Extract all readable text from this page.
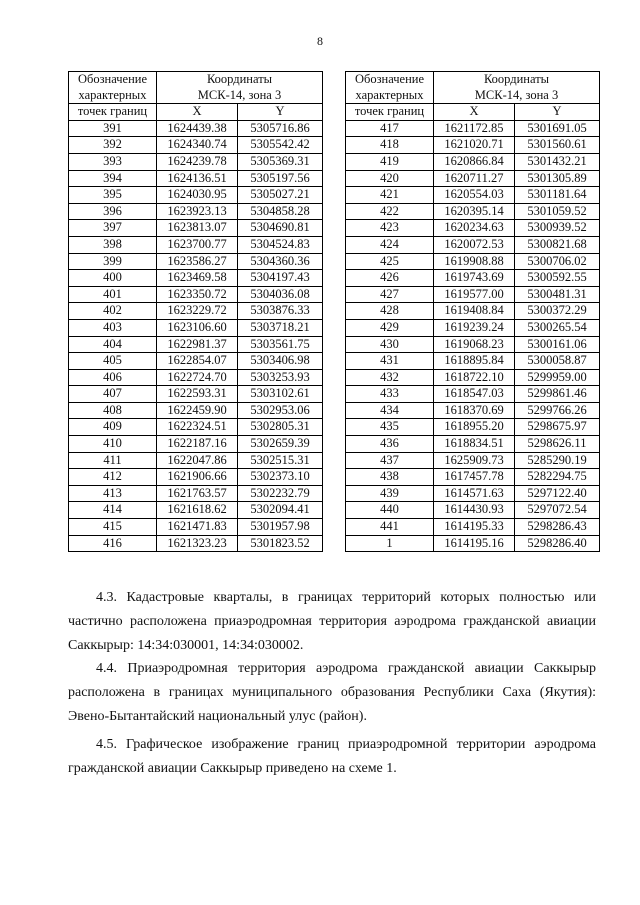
8
Обозначение
характерных	Координаты
МСК-14, зона 3	

точек границ	X	Y
391	1624439.38	5305716.86
392	1624340.74	5305542.42
393	1624239.78	5305369.31
394	1624136.51	5305197.56
395	1624030.95	5305027.21
396	1623923.13	5304858.28
397	1623813.07	5304690.81
398	1623700.77	5304524.83
399	1623586.27	5304360.36
400	1623469.58	5304197.43
401	1623350.72	5304036.08
402	1623229.72	5303876.33
403	1623106.60	5303718.21
404	1622981.37	5303561.75
405	1622854.07	5303406.98
406	1622724.70	5303253.93
407	1622593.31	5303102.61
408	1622459.90	5302953.06
409	1622324.51	5302805.31
410	1622187.16	5302659.39
411	1622047.86	5302515.31
412	1621906.66	5302373.10
413	1621763.57	5302232.79
414	1621618.62	5302094.41
415	1621471.83	5301957.98
416	1621323.23	5301823.52
Обозначение
характерных	Координаты
МСК-14, зона 3	

точек границ	X	Y
417	1621172.85	5301691.05
418	1621020.71	5301560.61
419	1620866.84	5301432.21
420	1620711.27	5301305.89
421	1620554.03	5301181.64
422	1620395.14	5301059.52
423	1620234.63	5300939.52
424	1620072.53	5300821.68
425	1619908.88	5300706.02
426	1619743.69	5300592.55
427	1619577.00	5300481.31
428	1619408.84	5300372.29
429	1619239.24	5300265.54
430	1619068.23	5300161.06
431	1618895.84	5300058.87
432	1618722.10	5299959.00
433	1618547.03	5299861.46
434	1618370.69	5299766.26
435	1618955.20	5298675.97
436	1618834.51	5298626.11
437	1625909.73	5285290.19
438	1617457.78	5282294.75
439	1614571.63	5297122.40
440	1614430.93	5297072.54
441	1614195.33	5298286.43
1	1614195.16	5298286.40
4.3. Кадастровые кварталы, в границах территорий которых полностью или
частично расположена приаэродромная территория аэродрома гражданской авиации
Саккырыр: 14:34:030001, 14:34:030002.
4.4. Приаэродромная территория аэродрома гражданской авиации Саккырыр
расположена в границах муниципального образования Республики Саха (Якутия):
Эвено-Бытантайский национальный улус (район).
4.5. Графическое изображение границ приаэродромной территории аэродрома
гражданской авиации Саккырыр приведено на схеме 1.
